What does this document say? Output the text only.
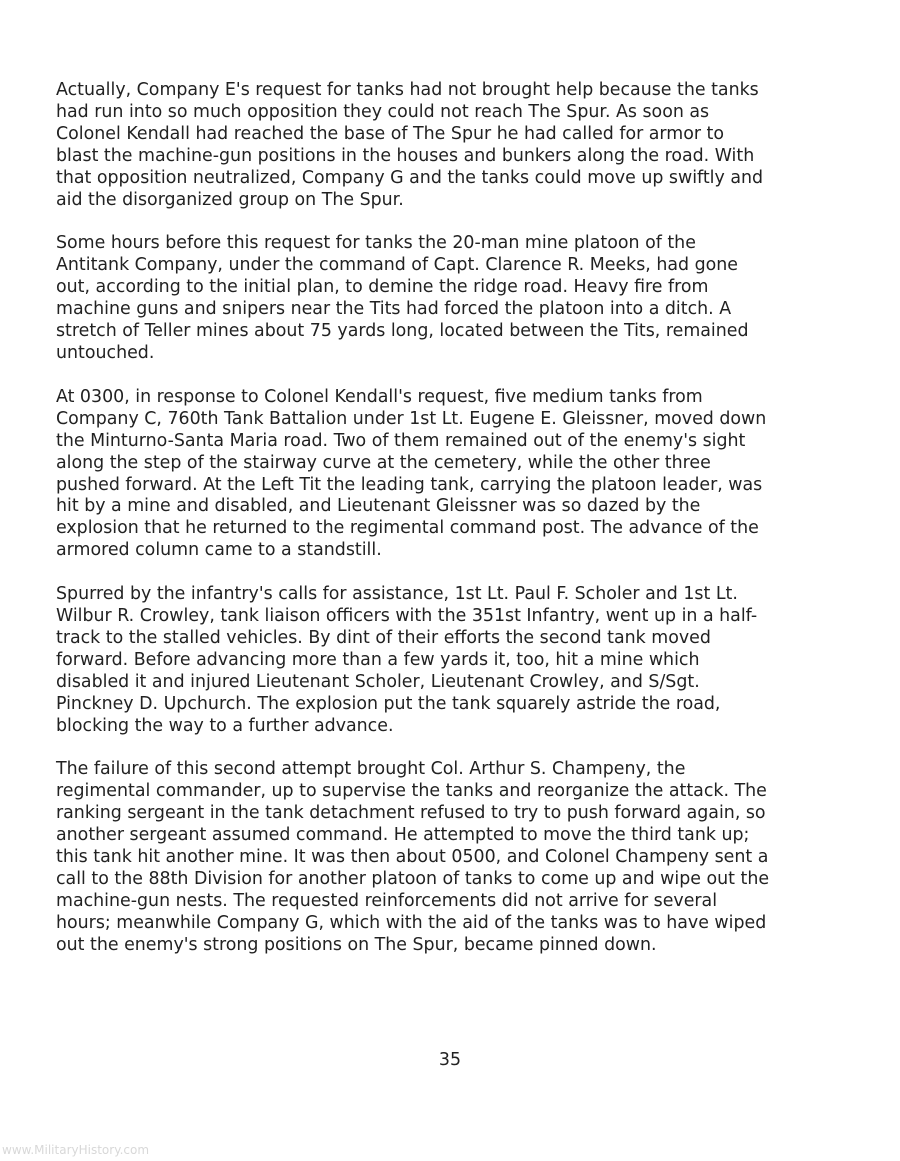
Actually, Company E's request for tanks had not brought help because the tanks
had run into so much opposition they could not reach The Spur. As soon as
Colonel Kendall had reached the base of The Spur he had called for armor to
blast the machine-gun positions in the houses and bunkers along the road. With
that opposition neutralized, Company G and the tanks could move up swiftly and
aid the disorganized group on The Spur.

Some hours before this request for tanks the 20-man mine platoon of the
Antitank Company, under the command of Capt. Clarence R. Meeks, had gone
out, according to the initial plan, to demine the ridge road. Heavy fire from
machine guns and snipers near the Tits had forced the platoon into a ditch. A
stretch of Teller mines about 75 yards long, located between the Tits, remained
untouched.

At 0300, in response to Colonel Kendall's request, five medium tanks from
Company C, 760th Tank Battalion under 1st Lt. Eugene E. Gleissner, moved down
the Minturno-Santa Maria road. Two of them remained out of the enemy's sight
along the step of the stairway curve at the cemetery, while the other three
pushed forward. At the Left Tit the leading tank, carrying the platoon leader, was
hit by a mine and disabled, and Lieutenant Gleissner was so dazed by the
explosion that he returned to the regimental command post. The advance of the
armored column came to a standstill.

Spurred by the infantry's calls for assistance, 1st Lt. Paul F. Scholer and 1st Lt.
Wilbur R. Crowley, tank liaison officers with the 351st Infantry, went up in a half-
track to the stalled vehicles. By dint of their efforts the second tank moved
forward. Before advancing more than a few yards it, too, hit a mine which
disabled it and injured Lieutenant Scholer, Lieutenant Crowley, and S/Sgt.
Pinckney D. Upchurch. The explosion put the tank squarely astride the road,
blocking the way to a further advance.

The failure of this second attempt brought Col. Arthur S. Champeny, the
regimental commander, up to supervise the tanks and reorganize the attack. The
ranking sergeant in the tank detachment refused to try to push forward again, so
another sergeant assumed command. He attempted to move the third tank up;
this tank hit another mine. It was then about 0500, and Colonel Champeny sent a
call to the 88th Division for another platoon of tanks to come up and wipe out the
machine-gun nests. The requested reinforcements did not arrive for several
hours; meanwhile Company G, which with the aid of the tanks was to have wiped
out the enemy's strong positions on The Spur, became pinned down.

35
www.MilitaryHistory.com
